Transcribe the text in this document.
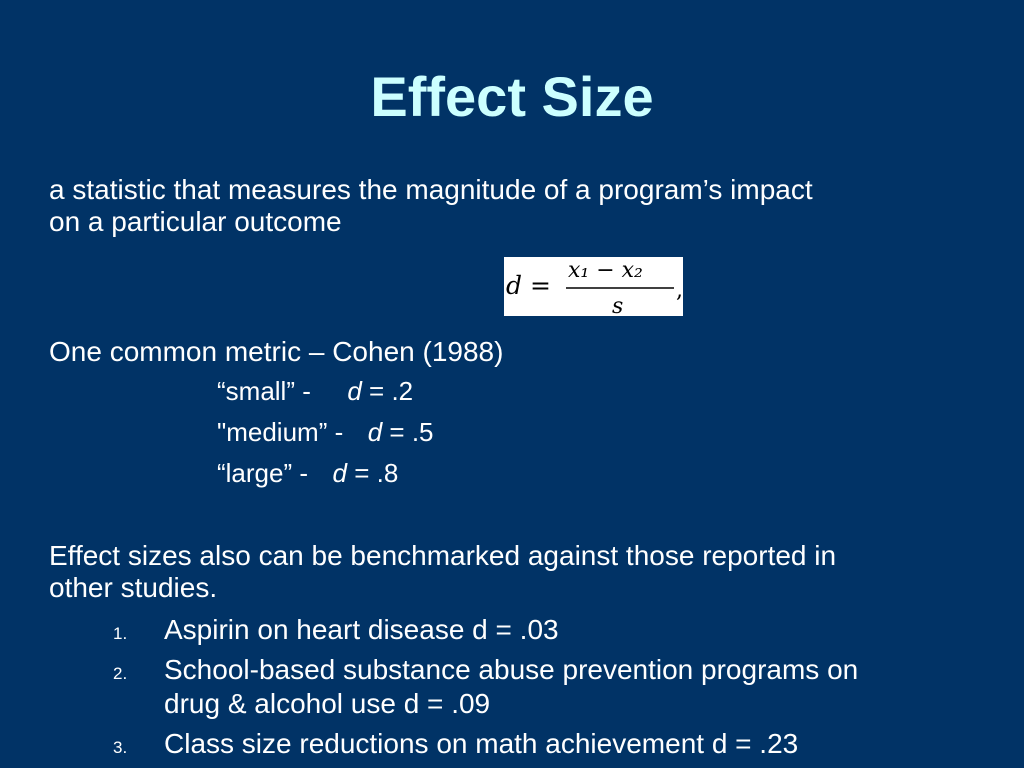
Effect Size

a statistic that measures the magnitude of a program’s impact

on a particular outcome

d =
x₁ − x₂
s
,

One common metric – Cohen (1988)

“small” - d = .2
"medium” - d = .5
“large” - d = .8

Effect sizes also can be benchmarked against those reported in

other studies.

1. Aspirin on heart disease d = .03
2. School-based substance abuse prevention programs on
drug & alcohol use d = .09
3. Class size reductions on math achievement d = .23
